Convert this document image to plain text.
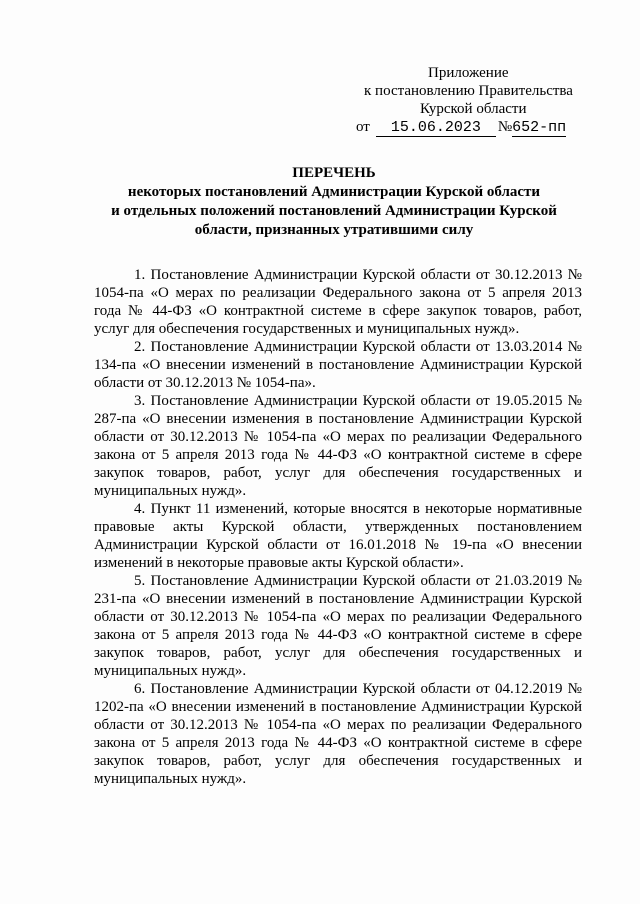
Приложение
к постановлению Правительства
Курской области
от	15.06.2023	№ 652-пп
ПЕРЕЧЕНЬ
некоторых постановлений Администрации Курской области
и отдельных положений постановлений Администрации Курской
области, признанных утратившими силу

1. Постановление Администрации Курской области от 30.12.2013 № 1054-па «О мерах по реализации Федерального закона от 5 апреля 2013 года № 44-ФЗ «О контрактной системе в сфере закупок товаров, работ, услуг для обеспечения государственных и муниципальных нужд».

2. Постановление Администрации Курской области от 13.03.2014 № 134-па «О внесении изменений в постановление Администрации Курской области от 30.12.2013 № 1054-па».

3. Постановление Администрации Курской области от 19.05.2015 № 287-па «О внесении изменения в постановление Администрации Курской области от 30.12.2013 № 1054-па «О мерах по реализации Федерального закона от 5 апреля 2013 года № 44-ФЗ «О контрактной системе в сфере закупок товаров, работ, услуг для обеспечения государственных и муниципальных нужд».

4. Пункт 11 изменений, которые вносятся в некоторые нормативные правовые акты Курской области, утвержденных постановлением Администрации Курской области от 16.01.2018 № 19-па «О внесении изменений в некоторые правовые акты Курской области».

5. Постановление Администрации Курской области от 21.03.2019 № 231-па «О внесении изменений в постановление Администрации Курской области от 30.12.2013 № 1054-па «О мерах по реализации Федерального закона от 5 апреля 2013 года № 44-ФЗ «О контрактной системе в сфере закупок товаров, работ, услуг для обеспечения государственных и муниципальных нужд».

6. Постановление Администрации Курской области от 04.12.2019 № 1202-па «О внесении изменений в постановление Администрации Курской области от 30.12.2013 № 1054-па «О мерах по реализации Федерального закона от 5 апреля 2013 года № 44-ФЗ «О контрактной системе в сфере закупок товаров, работ, услуг для обеспечения государственных и муниципальных нужд».
